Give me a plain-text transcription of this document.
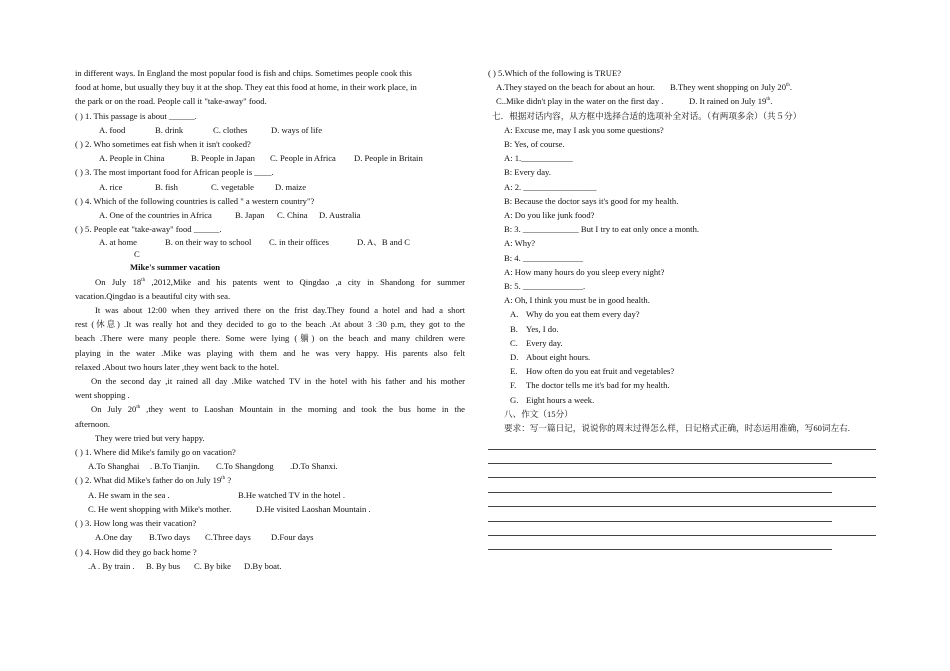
in different ways. In England the most popular food is fish and chips. Sometimes people cook this
food at home, but usually they buy it at the shop. They eat this food at home, in their work place, in
the park or on the road. People call it "take-away" food.
( ) 1. This passage is about ______.
A. food	B. drink	C. clothes	D. ways of life
( ) 2. Who sometimes eat fish when it isn't cooked?
A. People in China	B. People in Japan C. People in Africa D. People in Britain
( ) 3. The most important food for African people is ____.
A. rice	B. fish	C. vegetable D. maize
( ) 4. Which of the following countries is called " a western country"?
A. One of the countries in Africa	B. Japan C. China D. Australia
( ) 5. People eat "take-away" food ______.
A. at home	B. on their way to school C. in their offices	D. A、B and C
C
Mike's summer vacation
On July 18th ,2012,Mike and his patents went to Qingdao ,a city in Shandong for summer
vacation.Qingdao is a beautiful city with sea.
It was about 12:00 when they arrived there on the frist day.They found a hotel and had a short
rest (休息) .It was really hot and they decided to go to the beach .At about 3 :30 p.m, they got to the
beach .There were many people there. Some were lying (躺) on the beach and many children were
playing in the water .Mike was playing with them and he was very happy. His parents also felt
relaxed .About two hours later ,they went back to the hotel.
On the second day ,it rained all day .Mike watched TV in the hotel with his father and his mother
went shopping .
On July 20th ,they went to Laoshan Mountain in the morning and took the bus home in the
afternoon.
They were tried but very happy.
( ) 1. Where did Mike's family go on vacation?
A.To Shanghai . B.To Tianjin. C.To Shangdong .D.To Shanxi.
( ) 2. What did Mike's father do on July 19th ?
A. He swam in the sea .	B.He watched TV in the hotel .
C. He went shopping with Mike's mother.	D.He visited Laoshan Mountain .
( ) 3. How long was their vacation?
A.One day B.Two days C.Three days D.Four days
( ) 4. How did they go back home ?
.A . By train . B. By bus C. By bike D.By boat.
( ) 5.Which of the following is TRUE?
A.They stayed on the beach for about an hour. B.They went shopping on July 20th.
C..Mike didn't play in the water on the first day .	D. It rained on July 19th.
七．根据对话内容，从方框中选择合适的选项补全对话。（有两项多余）（共５分）
A: Excuse me, may I ask you some questions?
B: Yes, of course.
A: 1.____________
B: Every day.
A: 2. _________________
B: Because the doctor says it's good for my health.
A: Do you like junk food?
B: 3. _____________ But I try to eat only once a month.
A: Why?
B: 4. ______________
A: How many hours do you sleep every night?
B: 5. ______________.
A: Oh, I think you must be in good health.
A. Why do you eat them every day?
B. Yes, I do.
C. Every day.
D. About eight hours.
E. How often do you eat fruit and vegetables?
F. The doctor tells me it's bad for my health.
G. Eight hours a week.
八、作文（15分）
要求：写一篇日记，说说你的周末过得怎么样，日记格式正确，时态运用准确，写60词左右.
